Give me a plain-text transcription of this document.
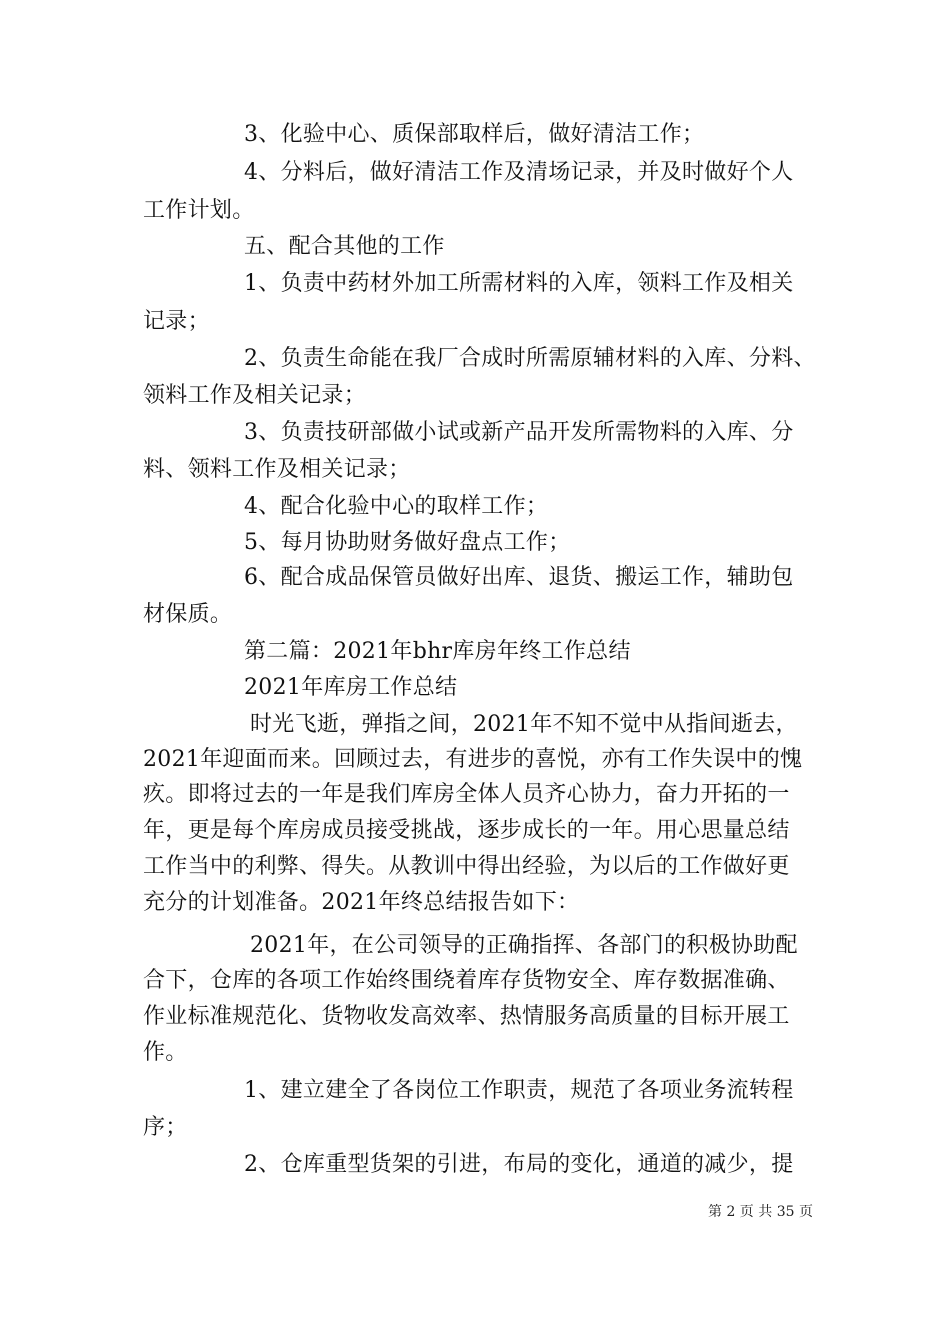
3、化验中心、质保部取样后，做好清洁工作；
4、分料后，做好清洁工作及清场记录，并及时做好个人
工作计划。
五、配合其他的工作
1、负责中药材外加工所需材料的入库，领料工作及相关
记录；
2、负责生命能在我厂合成时所需原辅材料的入库、分料、
领料工作及相关记录；
3、负责技研部做小试或新产品开发所需物料的入库、分
料、领料工作及相关记录；
4、配合化验中心的取样工作；
5、每月协助财务做好盘点工作；
6、配合成品保管员做好出库、退货、搬运工作，辅助包
材保质。
第二篇：2021年bhr库房年终工作总结
2021年库房工作总结
时光飞逝，弹指之间，2021年不知不觉中从指间逝去，
2021年迎面而来。回顾过去，有进步的喜悦，亦有工作失误中的愧
疚。即将过去的一年是我们库房全体人员齐心协力，奋力开拓的一
年，更是每个库房成员接受挑战，逐步成长的一年。用心思量总结
工作当中的利弊、得失。从教训中得出经验，为以后的工作做好更
充分的计划准备。2021年终总结报告如下：
2021年，在公司领导的正确指挥、各部门的积极协助配
合下，仓库的各项工作始终围绕着库存货物安全、库存数据准确、
作业标准规范化、货物收发高效率、热情服务高质量的目标开展工
作。
1、建立建全了各岗位工作职责，规范了各项业务流转程
序；
2、仓库重型货架的引进，布局的变化，通道的减少，提
第 2 页 共 35 页
